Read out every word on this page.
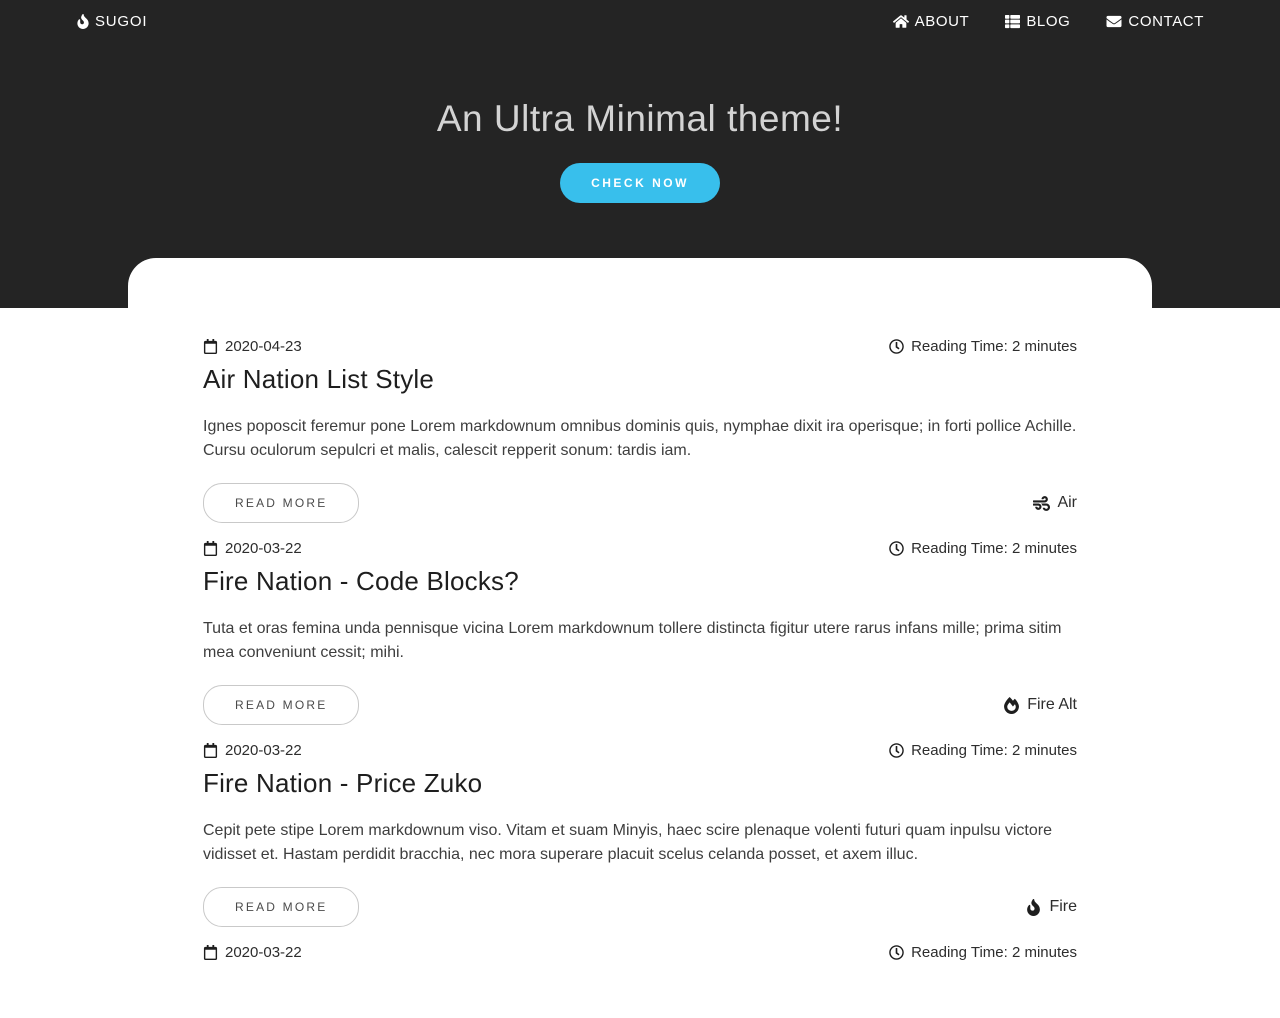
SUGOI	ABOUT	BLOG	CONTACT
An Ultra Minimal theme!
CHECK NOW
2020-04-23	Reading Time: 2 minutes
Air Nation List Style

Ignes poposcit feremur pone Lorem markdownum omnibus dominis quis, nymphae dixit ira operisque; in forti pollice Achille. Cursu oculorum sepulcri et malis, calescit repperit sonum: tardis iam.

READ MORE	Air
2020-03-22	Reading Time: 2 minutes
Fire Nation - Code Blocks?

Tuta et oras femina unda pennisque vicina Lorem markdownum tollere distincta figitur utere rarus infans mille; prima sitim mea conveniunt cessit; mihi.

READ MORE	Fire Alt
2020-03-22	Reading Time: 2 minutes
Fire Nation - Price Zuko

Cepit pete stipe Lorem markdownum viso. Vitam et suam Minyis, haec scire plenaque volenti futuri quam inpulsu victore vidisset et. Hastam perdidit bracchia, nec mora superare placuit scelus celanda posset, et axem illuc.

READ MORE	Fire
2020-03-22	Reading Time: 2 minutes
